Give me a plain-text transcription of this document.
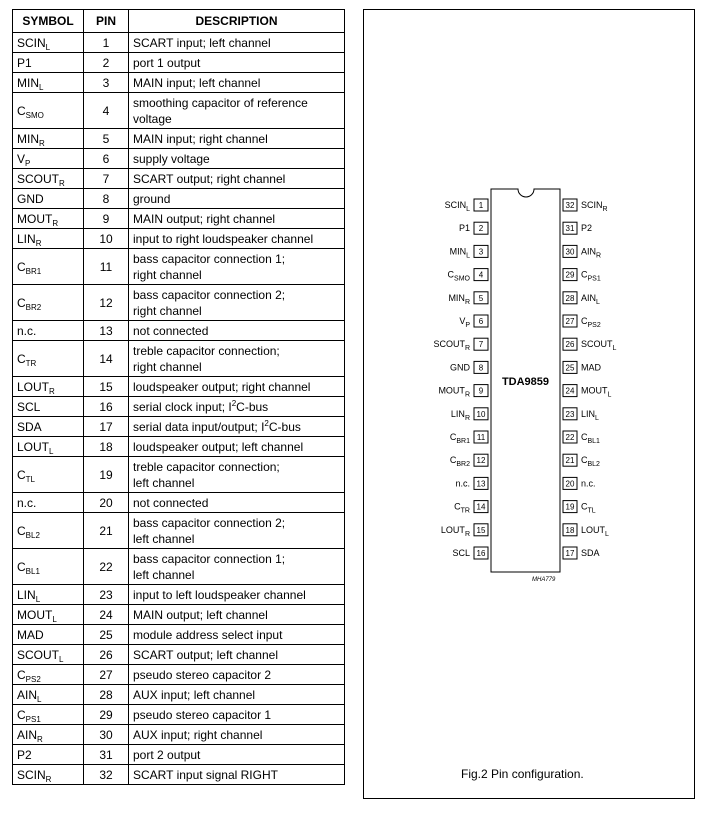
SYMBOL	PIN	DESCRIPTION
$SCIN_L$	1	SCART input; left channel

P1	2	port 1 output

$MIN_L$	3	MAIN input; left channel

$C_{SMO}$	4	smoothing capacitor of reference
voltage

$MIN_R$	5	MAIN input; right channel

$V_P$	6	supply voltage

$SCOUT_R$	7	SCART output; right channel

GND	8	ground

$MOUT_R$	9	MAIN output; right channel

$LIN_R$	10	input to right loudspeaker channel

$C_{BR1}$	11	bass capacitor connection 1;
right channel

$C_{BR2}$	12	bass capacitor connection 2;
right channel

n.c.	13	not connected

$C_{TR}$	14	treble capacitor connection;
right channel

$LOUT_R$	15	loudspeaker output; right channel

SCL	16	serial clock input; $I^2C$-bus

SDA	17	serial data input/output; $I^2C$-bus

$LOUT_L$	18	loudspeaker output; left channel

$C_{TL}$	19	treble capacitor connection;
left channel

n.c.	20	not connected

$C_{BL2}$	21	bass capacitor connection 2;
left channel

$C_{BL1}$	22	bass capacitor connection 1;
left channel

$LIN_L$	23	input to left loudspeaker channel

$MOUT_L$	24	MAIN output; left channel

MAD	25	module address select input

$SCOUT_L$	26	SCART output; left channel

$C_{PS2}$	27	pseudo stereo capacitor 2

$AIN_L$	28	AUX input; left channel

$C_{PS1}$	29	pseudo stereo capacitor 1

$AIN_R$	30	AUX input; right channel

P2	31	port 2 output

$SCIN_R$	32	SCART input signal RIGHT
TDA9859
MHA779
1
$SCIN_L$
2
P1
3
$MIN_L$
4
$C_{SMO}$
5
$MIN_R$
6
$V_P$
7
$SCOUT_R$
8
GND
9
$MOUT_R$
10
$LIN_R$
11
$C_{BR1}$
12
$C_{BR2}$
13
n.c.
14
$C_{TR}$
15
$LOUT_R$
16
SCL
32 $SCIN_R$
31 P2
30 $AIN_R$
29 $C_{PS1}$
28 $AIN_L$
27 $C_{PS2}$
26 $SCOUT_L$
25 MAD
24 $MOUT_L$
23 $LIN_L$
22 $C_{BL1}$
21 $C_{BL2}$
20 n.c.
19 $C_{TL}$
18 $LOUT_L$
17 SDA
Fig.2 Pin configuration.
